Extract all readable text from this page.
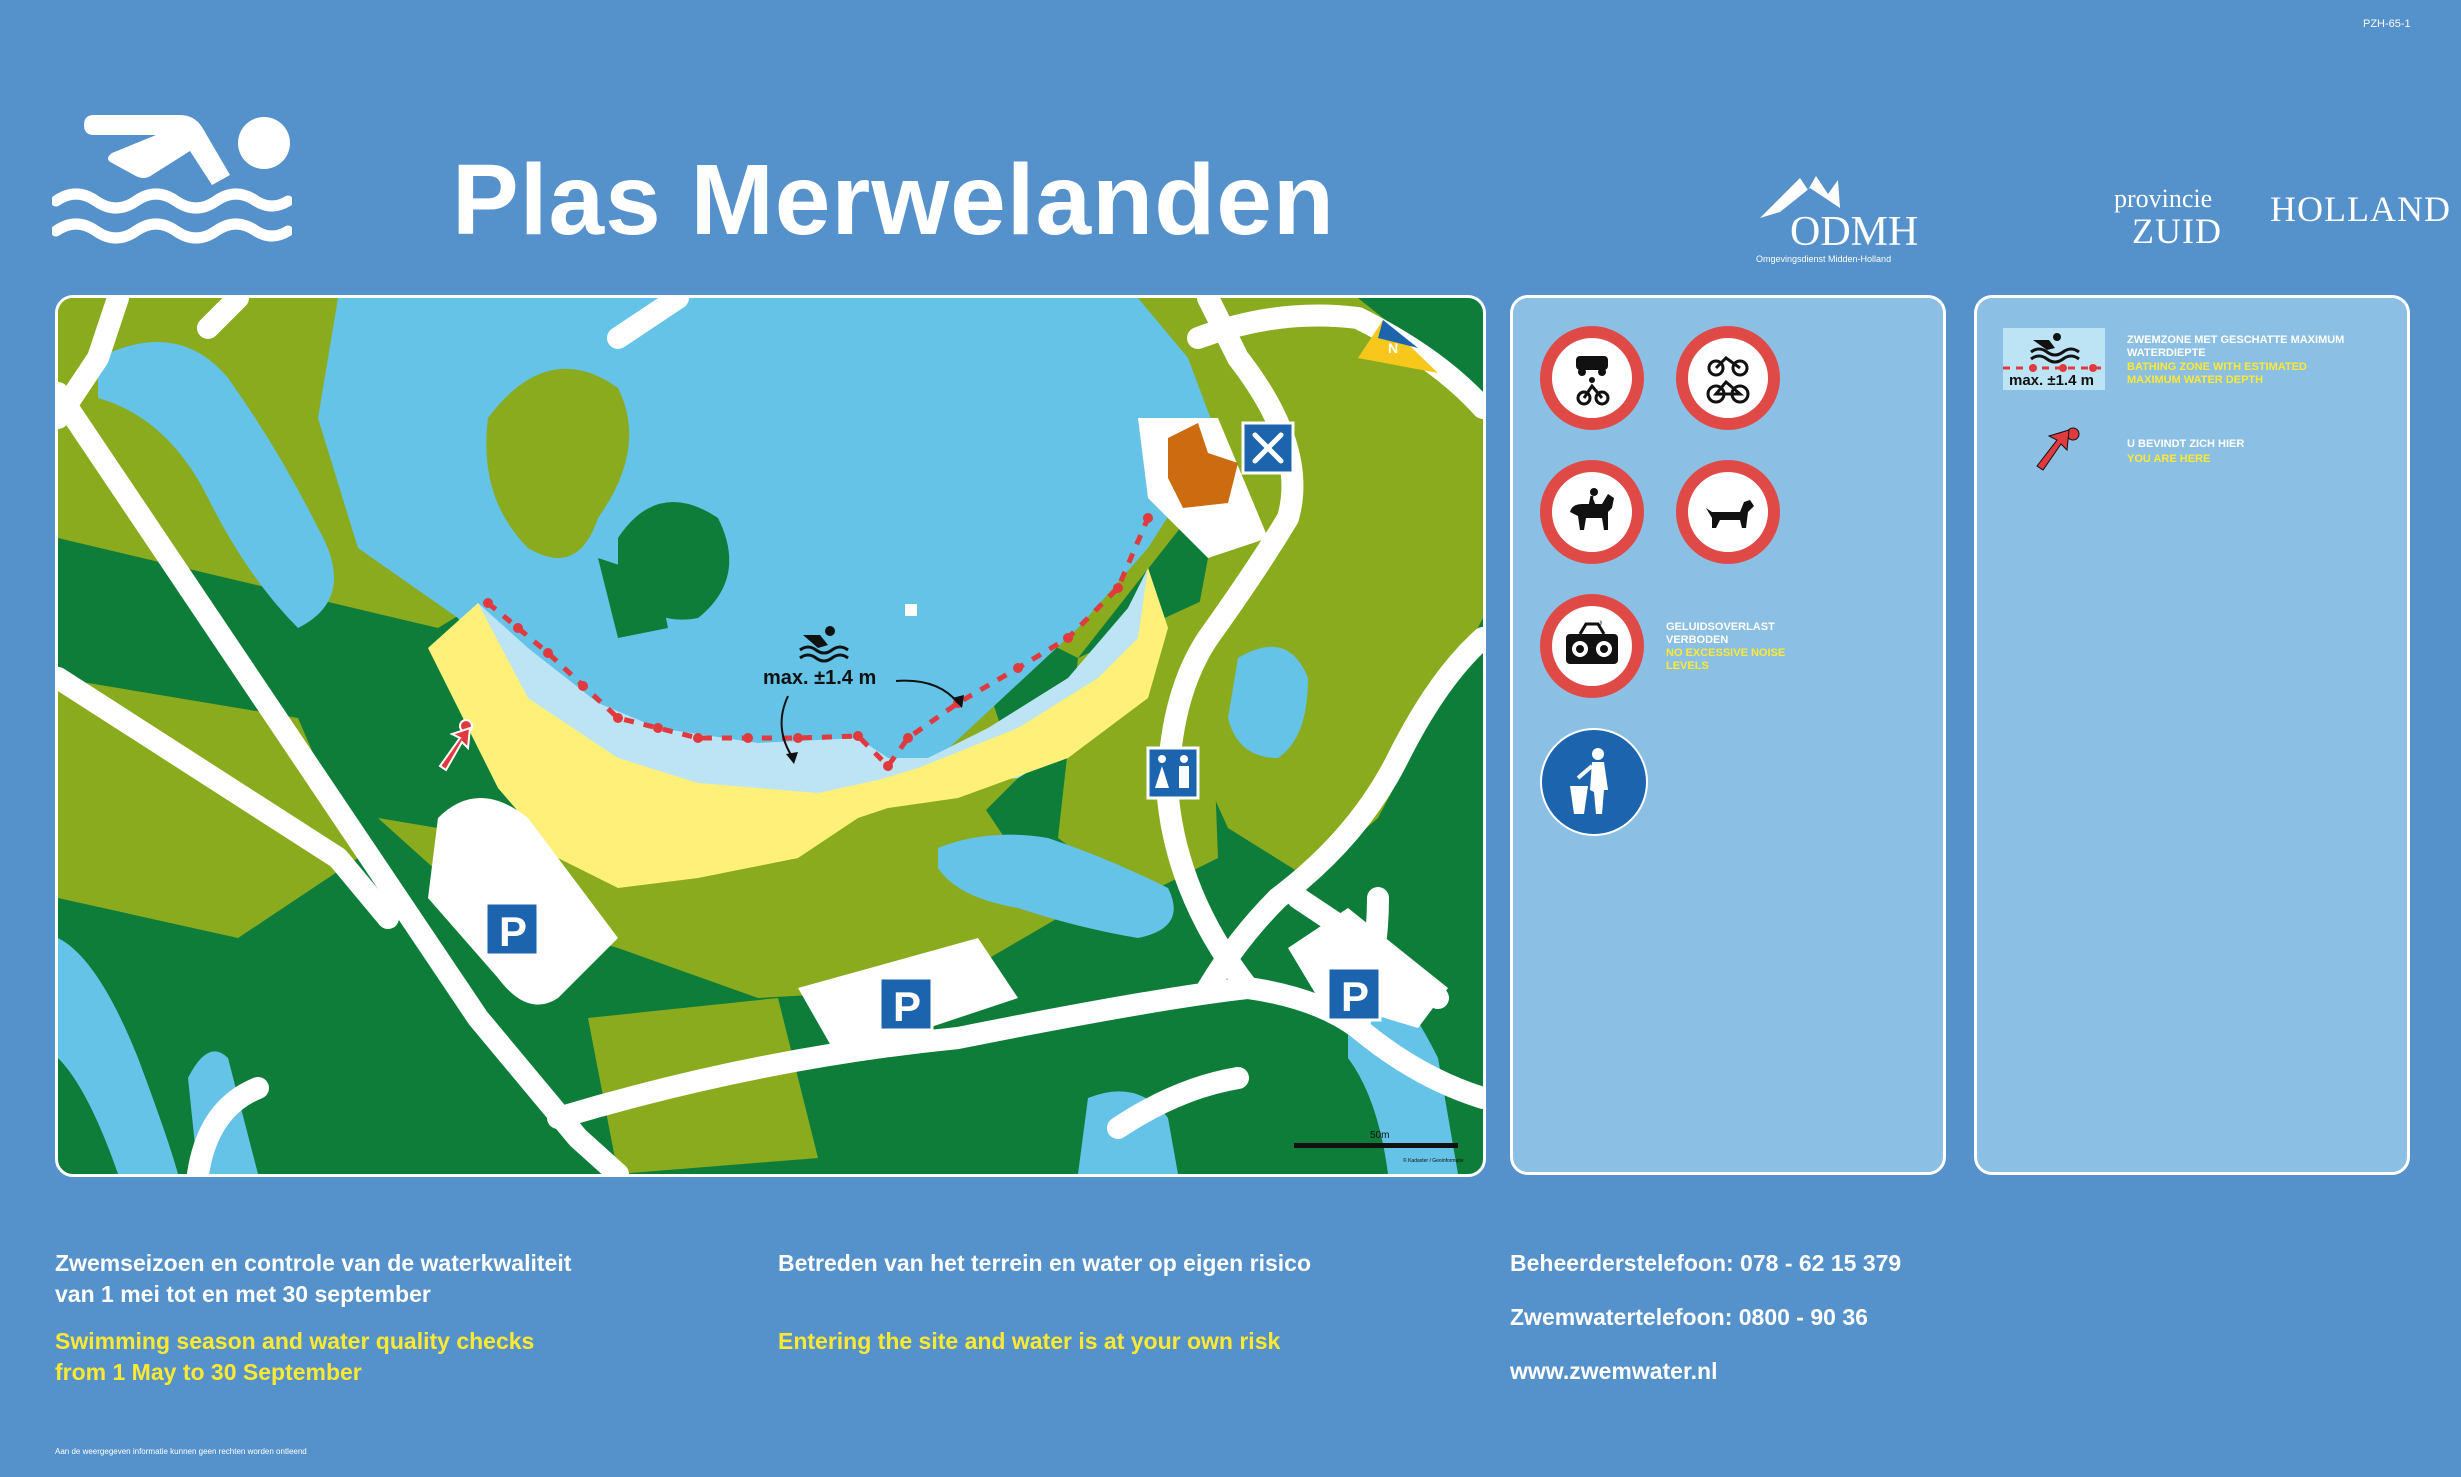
PZH-65-1
Plas Merwelanden	ODMH
Omgevingsdienst Midden-Holland
provincie
ZUID
HOLLAND
max. ±1.4 m
P
P	P
N
50m
© Kadaster / Geoinformatie
♪	GELUIDSOVERLAST VERBODEN
NO EXCESSIVE NOISE LEVELS
max. ±1.4 m
ZWEMZONE MET GESCHATTE MAXIMUM WATERDIEPTE
BATHING ZONE WITH ESTIMATED MAXIMUM WATER DEPTH
U BEVINDT ZICH HIER
YOU ARE HERE
Zwemseizoen en controle van de waterkwaliteit
van 1 mei tot en met 30 september
Swimming season and water quality checks
from 1 May to 30 September
Betreden van het terrein en water op eigen risico
Entering the site and water is at your own risk
Beheerderstelefoon: 078 - 62 15 379
Zwemwatertelefoon: 0800 - 90 36
www.zwemwater.nl
Aan de weergegeven informatie kunnen geen rechten worden ontleend
